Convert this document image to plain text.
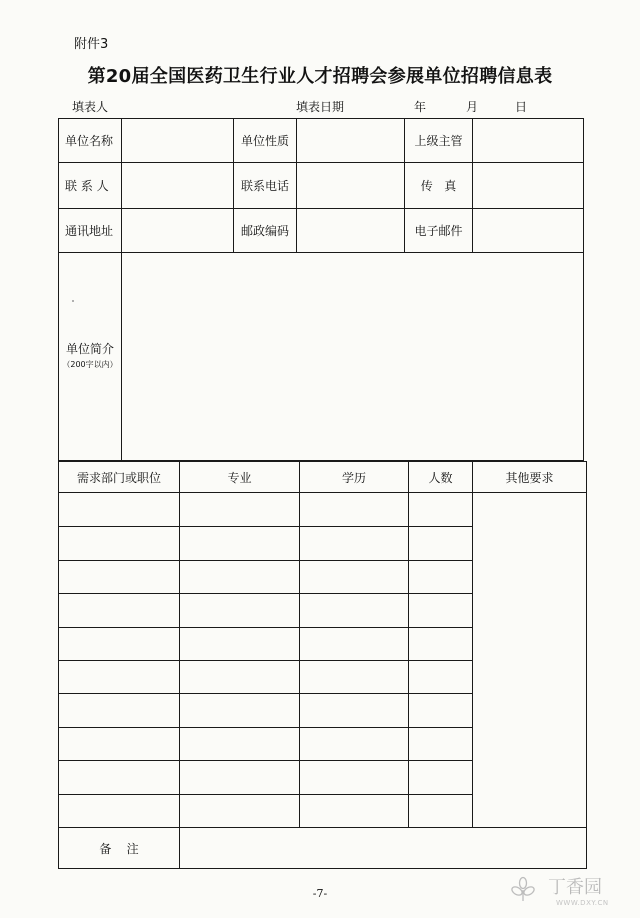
附件3
第20届全国医药卫生行业人才招聘会参展单位招聘信息表
填表人	填表日期	年	月	日
单位名称		单位性质		上级主管	
联 系 人		联系电话		传   真	
通讯地址		邮政编码		电子邮件	
单位简介
（200字以内）					

需求部门或职位	专业	学历	人数	其他要求

备    注				
-7-	丁香园
WWW.DXY.CN
